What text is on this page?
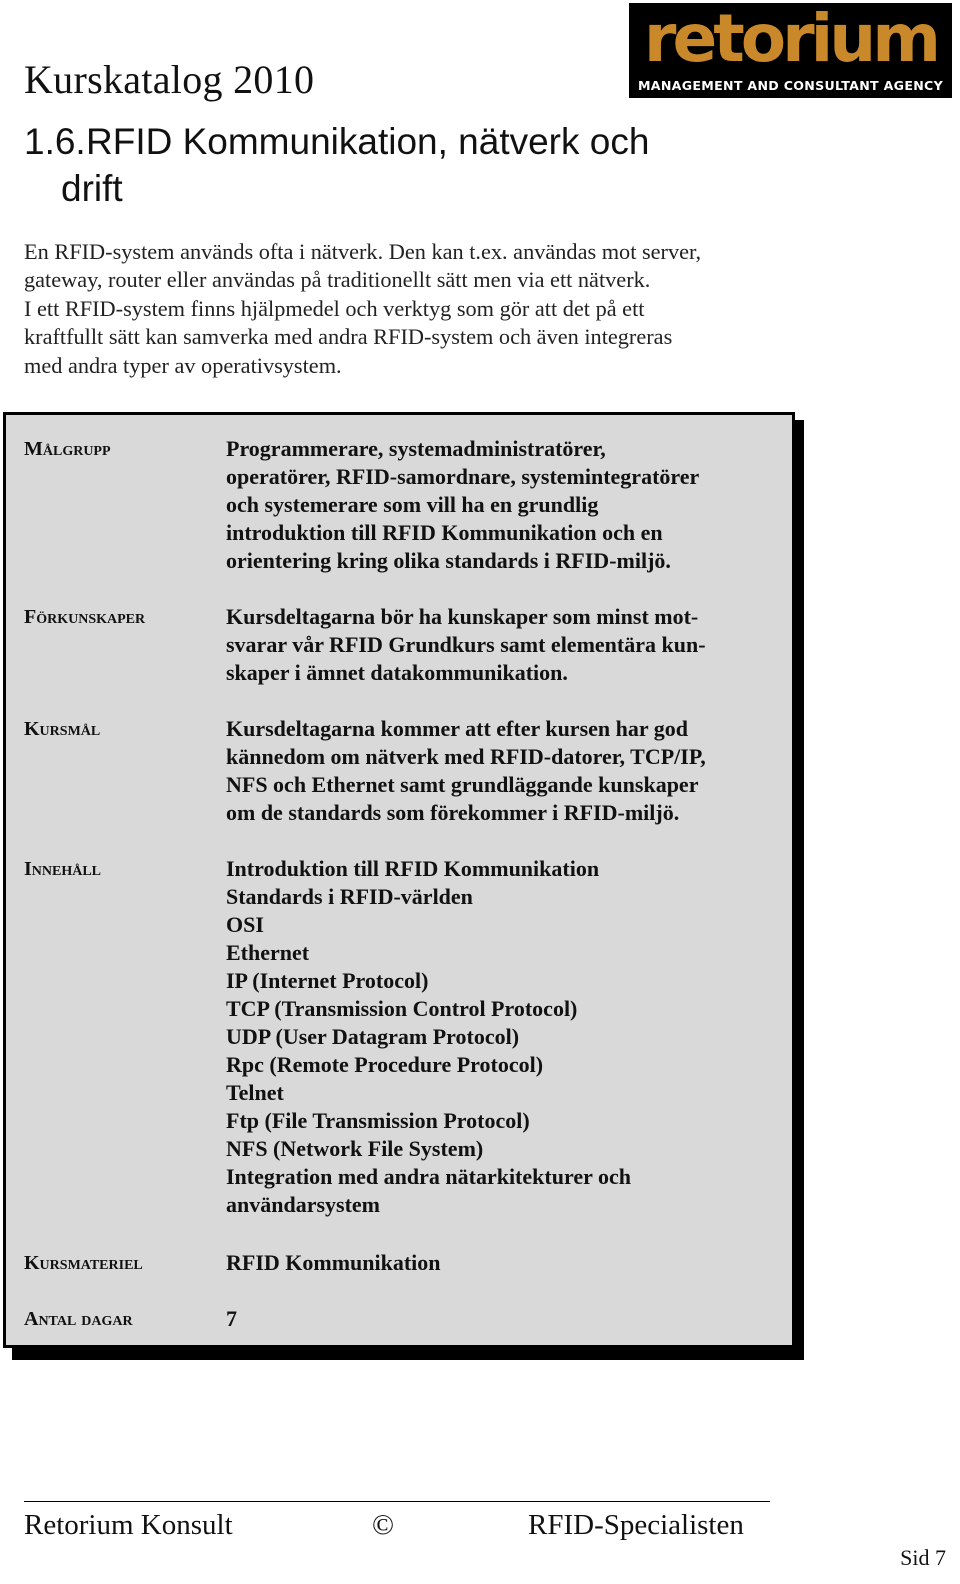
Kurskatalog 2010
1.6.RFID Kommunikation, nätverk och
drift
retorium
MANAGEMENT AND CONSULTANT AGENCY
En RFID-system används ofta i nätverk. Den kan t.ex. användas mot server,
gateway, router eller användas på traditionellt sätt men via ett nätverk.
I ett RFID-system finns hjälpmedel och verktyg som gör att det på ett
kraftfullt sätt kan samverka med andra RFID-system och även integreras
med andra typer av operativsystem.
Målgrupp	Programmerare, systemadministratörer,
operatörer, RFID-samordnare, systemintegratörer
och systemerare som vill ha en grundlig
introduktion till RFID Kommunikation och en
orientering kring olika standards i RFID-miljö.
Förkunskaper	Kursdeltagarna bör ha kunskaper som minst mot-
svarar vår RFID Grundkurs samt elementära kun-
skaper i ämnet datakommunikation.
Kursmål	Kursdeltagarna kommer att efter kursen har god
kännedom om nätverk med RFID-datorer, TCP/IP,
NFS och Ethernet samt grundläggande kunskaper
om de standards som förekommer i RFID-miljö.
Innehåll	Introduktion till RFID Kommunikation
Standards i RFID-världen
OSI
Ethernet
IP (Internet Protocol)
TCP (Transmission Control Protocol)
UDP (User Datagram Protocol)
Rpc (Remote Procedure Protocol)
Telnet
Ftp (File Transmission Protocol)
NFS (Network File System)
Integration med andra nätarkitekturer och
användarsystem
Kursmateriel	RFID Kommunikation
Antal dagar	7
Retorium Konsult	©	RFID-Specialisten
Sid 7
